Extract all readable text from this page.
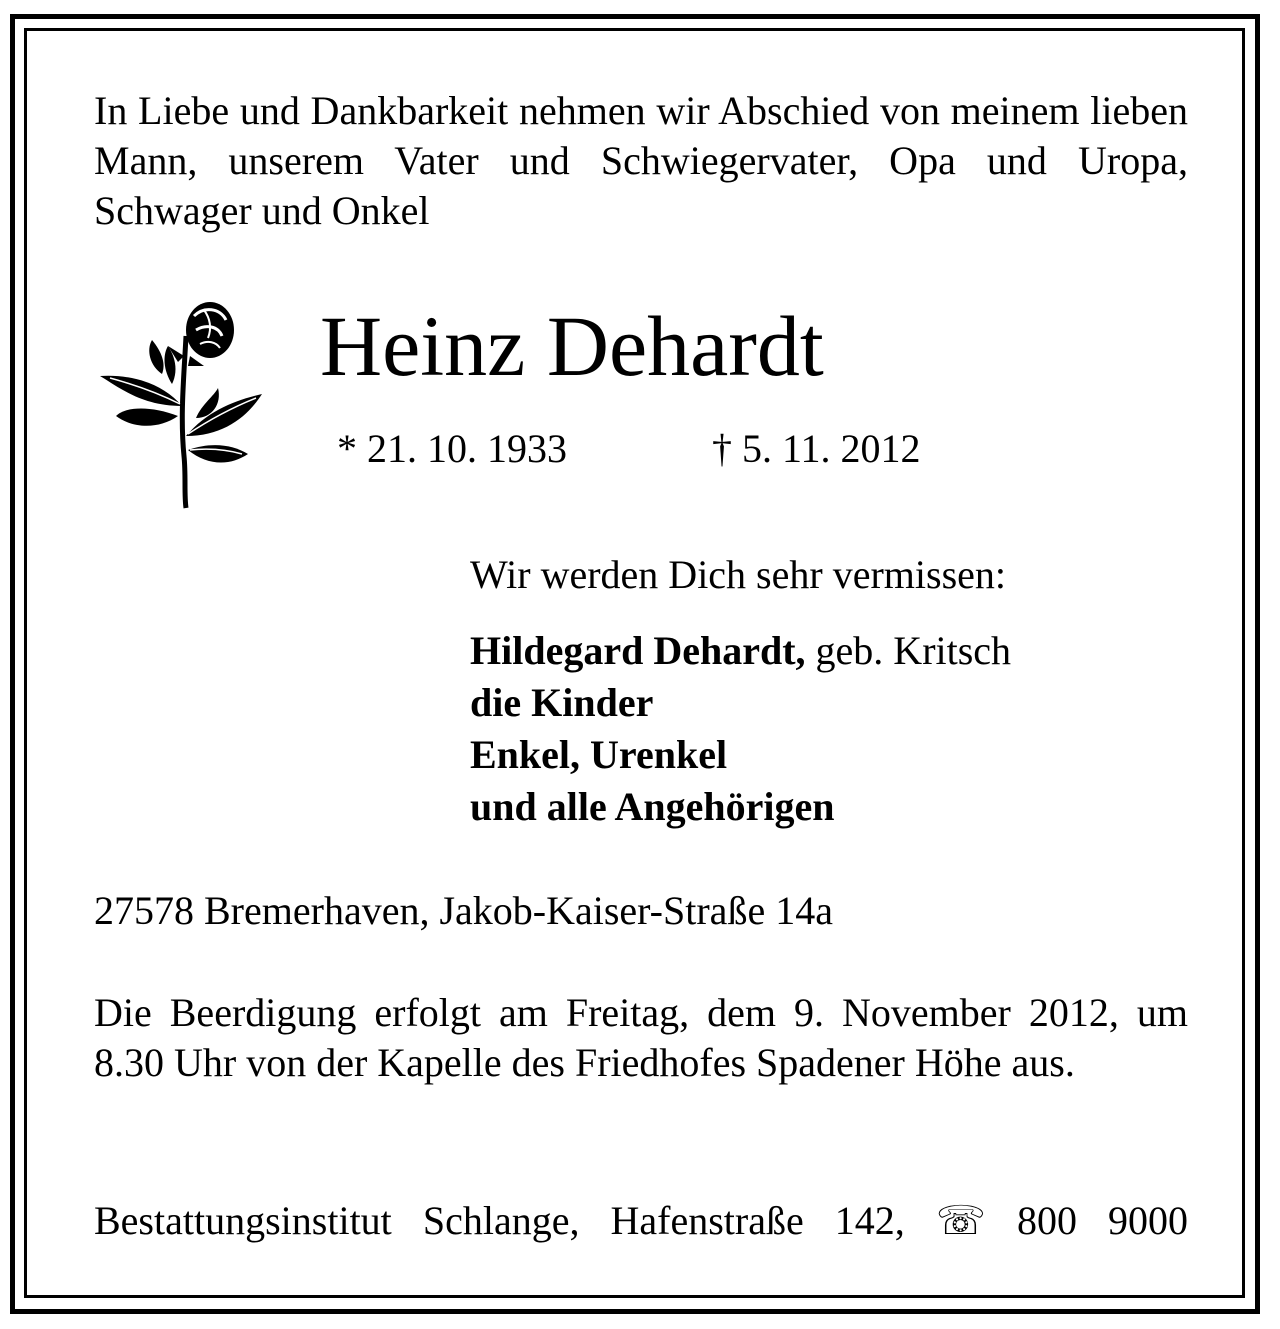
In Liebe und Dankbarkeit nehmen wir Abschied von meinem lieben Mann, unserem Vater und Schwiegervater, Opa und Uropa, Schwager und Onkel
Heinz Dehardt
* 21. 10. 1933	† 5. 11. 2012
Wir werden Dich sehr vermissen:
Hildegard Dehardt, geb. Kritsch
die Kinder
Enkel, Urenkel
und alle Angehörigen
27578 Bremerhaven, Jakob-Kaiser-Straße 14a
Die Beerdigung erfolgt am Freitag, dem 9. November 2012, um 8.30 Uhr von der Kapelle des Friedhofes Spadener Höhe aus.
Bestattungsinstitut Schlange, Hafenstraße 142, ☏ 800 9000
